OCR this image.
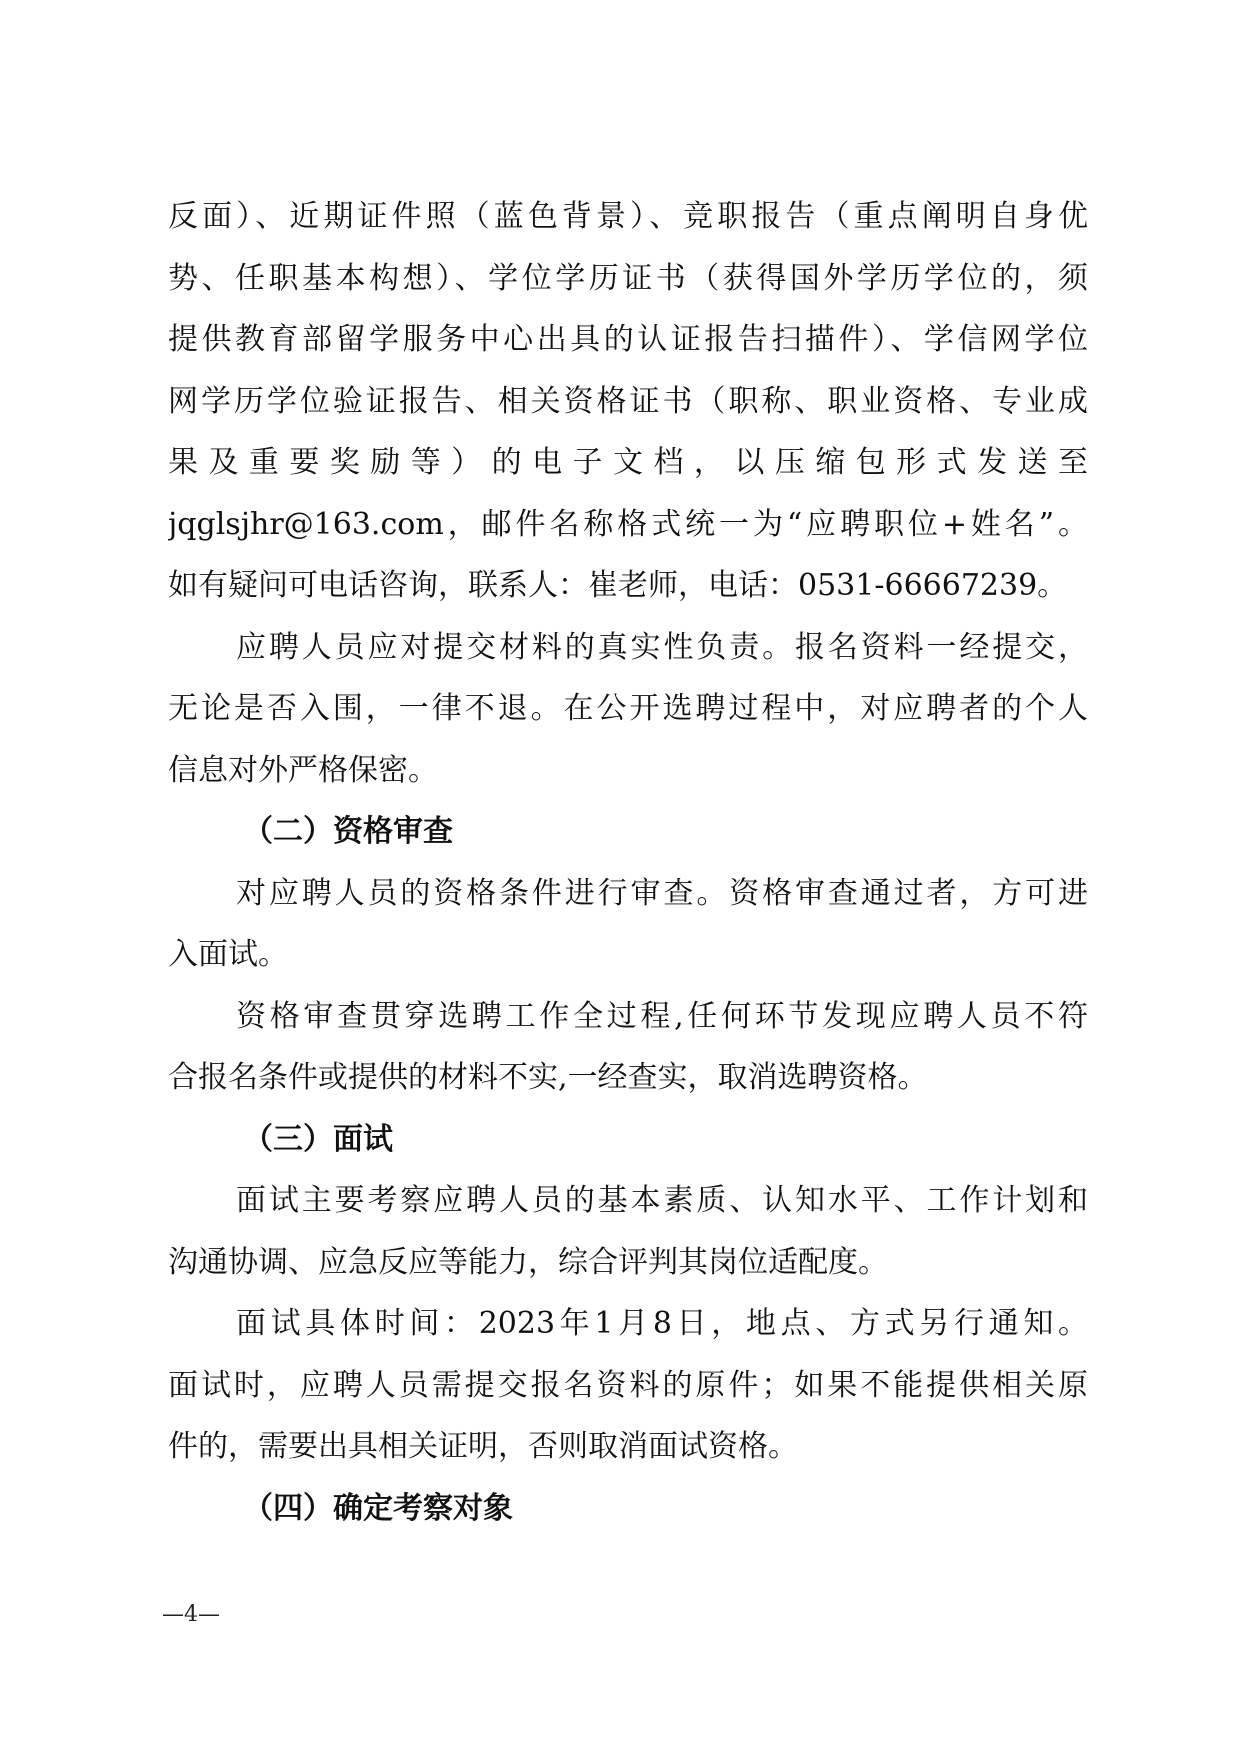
反面）、近期证件照（蓝色背景）、竞职报告（重点阐明自身优
势、任职基本构想）、学位学历证书（获得国外学历学位的，须
提供教育部留学服务中心出具的认证报告扫描件）、学信网学位
网学历学位验证报告、相关资格证书（职称、职业资格、专业成
果及重要奖励等）的电子文档，以压缩包形式发送至
jqglsjhr@163.com，邮件名称格式统一为“应聘职位+姓名”。
如有疑问可电话咨询，联系人：崔老师，电话：0531-66667239。
应聘人员应对提交材料的真实性负责。报名资料一经提交，
无论是否入围，一律不退。在公开选聘过程中，对应聘者的个人
信息对外严格保密。
（二）资格审查
对应聘人员的资格条件进行审查。资格审查通过者，方可进
入面试。
资格审查贯穿选聘工作全过程,任何环节发现应聘人员不符
合报名条件或提供的材料不实,一经查实，取消选聘资格。
（三）面试
面试主要考察应聘人员的基本素质、认知水平、工作计划和
沟通协调、应急反应等能力，综合评判其岗位适配度。
面试具体时间：2023年1月8日，地点、方式另行通知。
面试时，应聘人员需提交报名资料的原件；如果不能提供相关原
件的，需要出具相关证明，否则取消面试资格。
（四）确定考察对象
—4—
